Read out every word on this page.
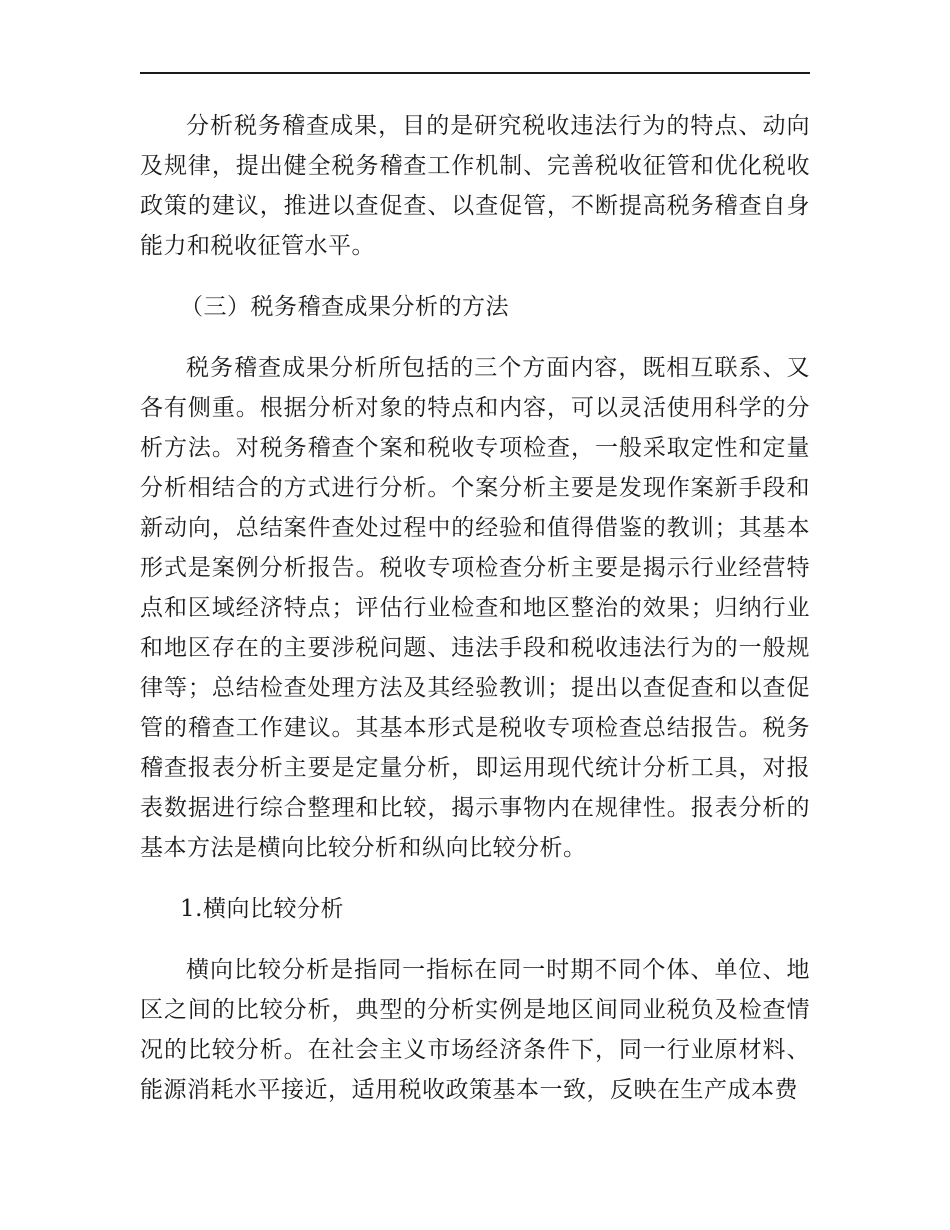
分析税务稽查成果，目的是研究税收违法行为的特点、动向及规律，提出健全税务稽查工作机制、完善税收征管和优化税收政策的建议，推进以查促查、以查促管，不断提高税务稽查自身能力和税收征管水平。

（三）税务稽查成果分析的方法

税务稽查成果分析所包括的三个方面内容，既相互联系、又各有侧重。根据分析对象的特点和内容，可以灵活使用科学的分析方法。对税务稽查个案和税收专项检查，一般采取定性和定量分析相结合的方式进行分析。个案分析主要是发现作案新手段和新动向，总结案件查处过程中的经验和值得借鉴的教训；其基本形式是案例分析报告。税收专项检查分析主要是揭示行业经营特点和区域经济特点；评估行业检查和地区整治的效果；归纳行业和地区存在的主要涉税问题、违法手段和税收违法行为的一般规律等；总结检查处理方法及其经验教训；提出以查促查和以查促管的稽查工作建议。其基本形式是税收专项检查总结报告。税务稽查报表分析主要是定量分析，即运用现代统计分析工具，对报表数据进行综合整理和比较，揭示事物内在规律性。报表分析的基本方法是横向比较分析和纵向比较分析。

1.横向比较分析

横向比较分析是指同一指标在同一时期不同个体、单位、地区之间的比较分析，典型的分析实例是地区间同业税负及检查情况的比较分析。在社会主义市场经济条件下，同一行业原材料、能源消耗水平接近，适用税收政策基本一致，反映在生产成本费
